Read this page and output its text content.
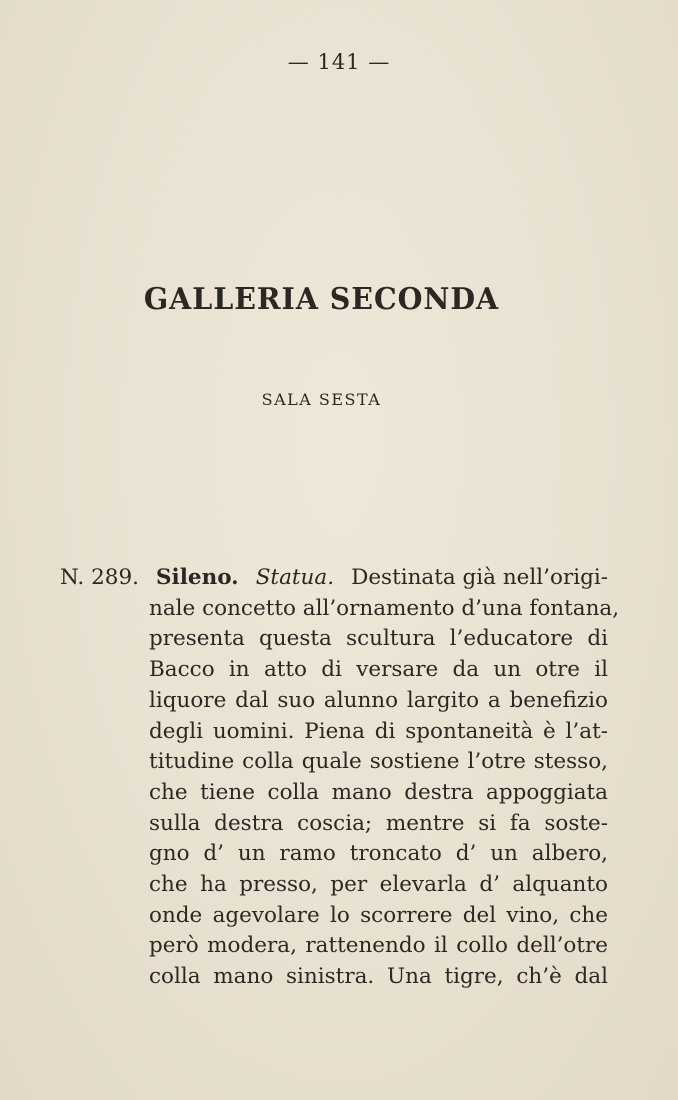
— 141 —
GALLERIA SECONDA
SALA SESTA
N. 289. Sileno. Statua. Destinata già nell’origi-
nale concetto all’ornamento d’una fontana,
presenta questa scultura l’educatore di
Bacco in atto di versare da un otre il
liquore dal suo alunno largito a benefizio
degli uomini. Piena di spontaneità è l’at-
titudine colla quale sostiene l’otre stesso,
che tiene colla mano destra appoggiata
sulla destra coscia; mentre si fa soste-
gno d’ un ramo troncato d’ un albero,
che ha presso, per elevarla d’ alquanto
onde agevolare lo scorrere del vino, che
però modera, rattenendo il collo dell’otre
colla mano sinistra. Una tigre, ch’è dal
